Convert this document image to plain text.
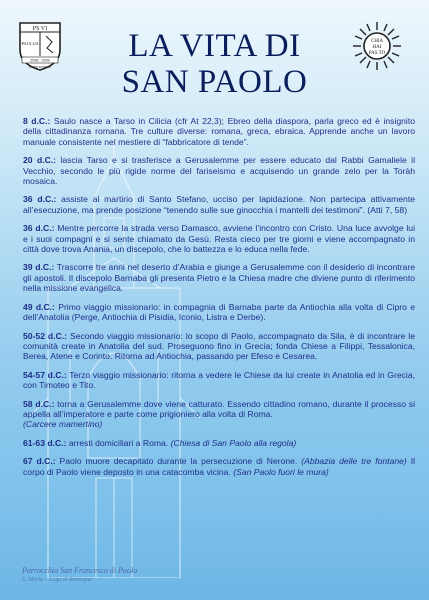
PS VI
PAULUS
2008 - 2009
PATER PATRUM
LA VITA DI
SAN PAOLO
CHIA
HAI
PAS TO

8 d.C.: Saulo nasce a Tarso in Cilicia (cfr At 22,3); Ebreo della diaspora, parla greco ed è insignito della cittadinanza romana. Tre culture diverse: romana, greca, ebraica. Apprende anche un lavoro manuale consistente nel mestiere di “fabbricatore di tende”.

20 d.C.: lascia Tarso e si trasferisce a Gerusalemme per essere educato dal Rabbi Gamaliele il Vecchio, secondo le più rigide norme del fariseismo e acquisendo un grande zelo per la Toràh mosaica.

36 d.C.: assiste al martirio di Santo Stefano, ucciso per lapidazione. Non partecipa attivamente all’esecuzione, ma prende posizione “tenendo sulle sue ginocchia i mantelli dei testimoni”. (Atti 7, 58)

36 d.C.: Mentre percorre la strada verso Damasco, avviene l’incontro con Cristo. Una luce avvolge lui e i suoi compagni e si sente chiamato da Gesù. Resta cieco per tre giorni e viene accompagnato in città dove trova Anania, un discepolo, che lo battezza e lo educa nella fede.

39 d.C.: Trascorre tre anni nel deserto d’Arabia e giunge a Gerusalemme con il desiderio di incontrare gli apostoli. Il discepolo Barnaba gli presenta Pietro e la Chiesa madre che diviene punto di riferimento nella missione evangelica.

49 d.C.: Primo viaggio missionario: in compagnia di Barnaba parte da Antiochia alla volta di Cipro e dell’Anatolia (Perge, Antiochia di Pisidia, Iconio, Listra e Derbe).

50-52 d.C.: Secondo viaggio missionario: lo scopo di Paolo, accompagnato da Sila, è di incontrare le comunità create in Anatolia del sud. Proseguono fino in Grecia; fonda Chiese a Filippi, Tessalonica, Berea, Atene e Corinto. Ritorna ad Antiochia, passando per Efeso e Cesarea.

54-57 d.C.: Terzo viaggio missionario: ritorna a vedere le Chiese da lui create in Anatolia ed in Grecia, con Timoteo e Tito.

58 d.C.: torna a Gerusalemme dove viene catturato. Essendo cittadino romano, durante il processo si appella all’imperatore e parte come prigioniero alla volta di Roma.
(Carcere mamertino)

61-63 d.C.: arresti domiciliari a Roma. (Chiesa di San Paolo alla regola)

67 d.C.: Paolo muore decapitato durante la persecuzione di Nerone. (Abbazia delle tre fontane) Il corpo di Paolo viene deposto in una catacomba vicina. (San Paolo fuori le mura)

Parrocchia San Francesco di Paola
S. Maria – Lugo di Romagna
